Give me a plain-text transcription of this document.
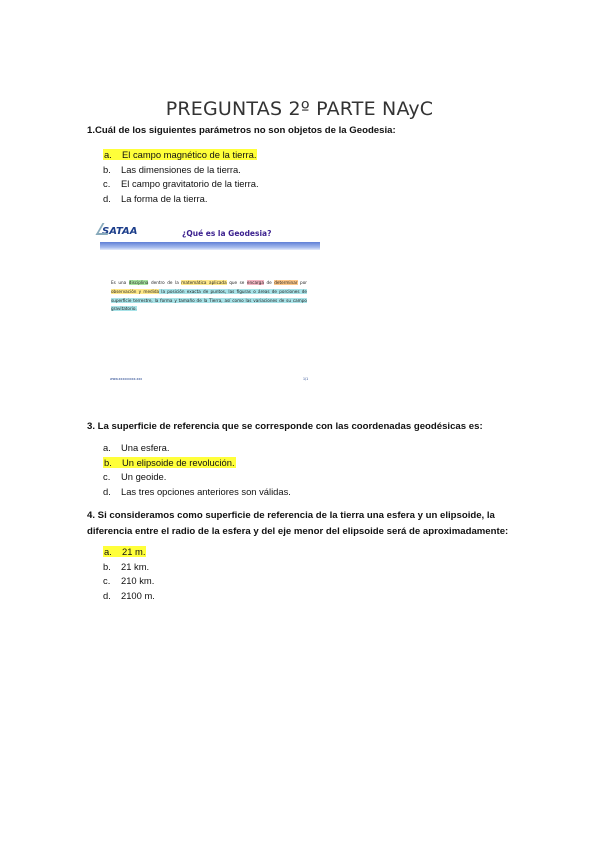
PREGUNTAS 2º PARTE NAyC
1.Cuál de los siguientes parámetros no son objetos de la Geodesia:
a. El campo magnético de la tierra.
b. Las dimensiones de la tierra.
c. El campo gravitatorio de la tierra.
d. La forma de la tierra.
SATAA	¿Qué es la Geodesia?
Es una disciplina dentro de la matemática aplicada que se encarga de determinar por observación y medida la posición exacta de puntos, las figuras o áreas de porciones de superficie terrestre, la forma y tamaño de la Tierra, así como las variaciones de su campo gravitatorio.
www.xxxxxxxxx.xxx	1/1
3. La superficie de referencia que se corresponde con las coordenadas geodésicas es:
a. Una esfera.
b. Un elipsoide de revolución.
c. Un geoide.
d. Las tres opciones anteriores son válidas.
4. Si consideramos como superficie de referencia de la tierra una esfera y un elipsoide, la diferencia entre el radio de la esfera y del eje menor del elipsoide será de aproximadamente:
a. 21 m.
b. 21 km.
c. 210 km.
d. 2100 m.
